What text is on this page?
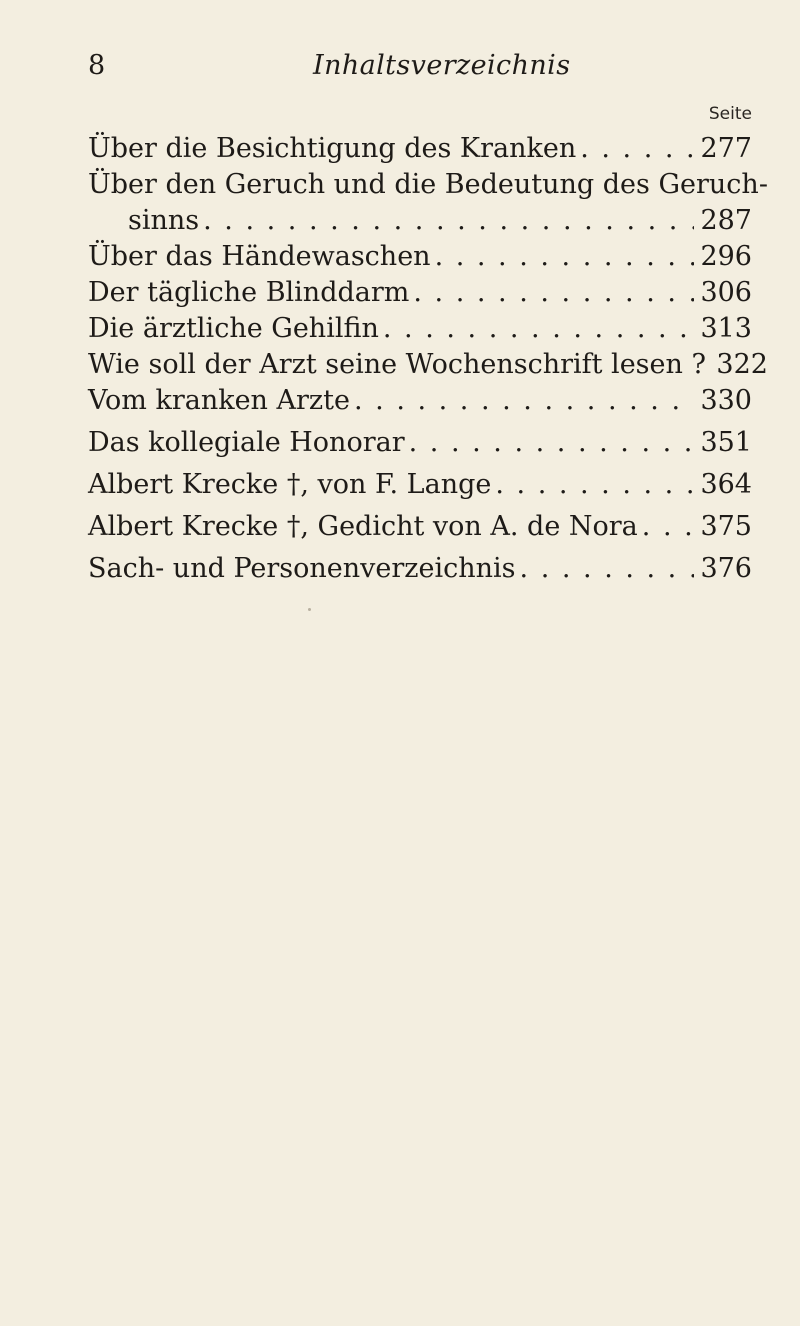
8	Inhaltsverzeichnis
Seite
Über die Besichtigung des Kranken . . .	277
Über den Geruch und die Bedeutung des Geruch-
sinns . . .	287
Über das Händewaschen . . .	296
Der tägliche Blinddarm . . .	306
Die ärztliche Gehilfin . . .	313
Wie soll der Arzt seine Wochenschrift lesen ? 322
Vom kranken Arzte . . .	330
Das kollegiale Honorar . . .	351
Albert Krecke †, von F. Lange . . .	364
Albert Krecke †, Gedicht von A. de Nora . . . 375
Sach- und Personenverzeichnis . . .	376
